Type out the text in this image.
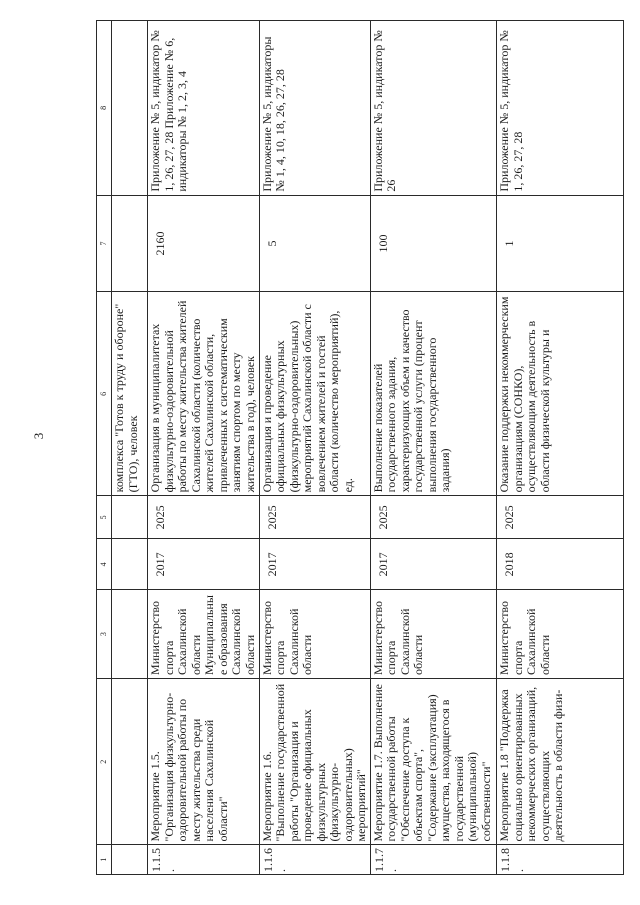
3
1	2	3	4	5	6	7	8
					комплекса "Готов к труду и обороне" (ГТО), человек		
1.1.5.	Мероприятие 1.5. "Организация физкультурно-оздоровительной работы по месту жительства среди населения Сахалинской области"	Министерство спорта Сахалинской области Муниципальные образования Сахалинской области	2017	2025	Организация в муниципалитетах физкультурно-оздоровительной работы по месту жительства жителей Сахалинской области (количество жителей Сахалинской области, привлеченных к систематическим занятиям спортом по месту жительства в год), человек	2160	Приложение № 5, индикатор № 1, 26, 27, 28 Приложение № 6, индикаторы № 1, 2, 3, 4
1.1.6.	Мероприятие 1.6. "Выполнение государственной работы "Организация и проведение официальных физкультурных (физкультурно-оздоровительных) мероприятий"	Министерство спорта Сахалинской области	2017	2025	Организация и проведение официальных физкультурных (физкультурно-оздоровительных) мероприятий Сахалинской области с вовлечением жителей и гостей области (количество мероприятий), ед.	5	Приложение № 5, индикаторы № 1, 4, 10, 18, 26, 27, 28
1.1.7.	Мероприятие 1.7. Выполнение государственной работы "Обеспечение доступа к объектам спорта", "Содержание (эксплуатация) имущества, находящегося в государственной (муниципальной) собственности"	Министерство спорта Сахалинской области	2017	2025	Выполнение показателей государственного задания, характеризующих объем и качество государственной услуги (процент выполнения государственного задания)	100	Приложение № 5, индикатор № 26
1.1.8.	Мероприятие 1.8 "Поддержка социально ориентированных некоммерческих организаций, осуществляющих деятельность в области физи-	Министерство спорта Сахалинской области	2018	2025	Оказание поддержки некоммерческим организациям (СОНКО), осуществляющим деятельность в области физической культуры и	1	Приложение № 5, индикатор № 1, 26, 27, 28
